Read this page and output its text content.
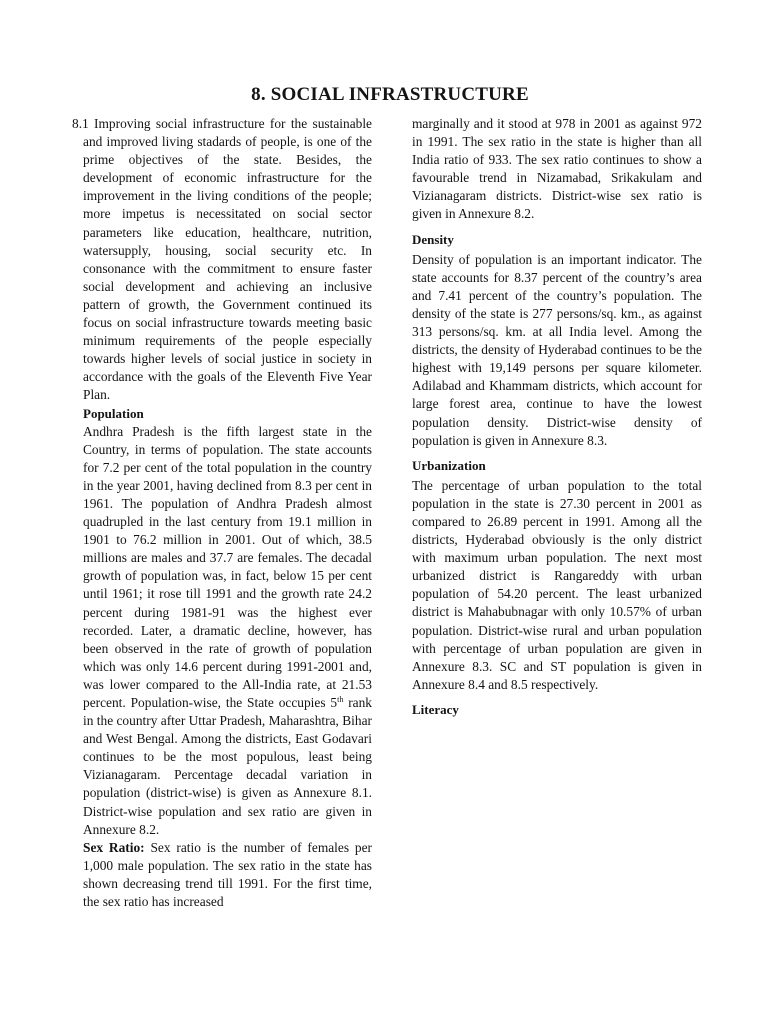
8. SOCIAL INFRASTRUCTURE

8.1 Improving social infrastructure for the sustainable and improved living stadards of people, is one of the prime objectives of the state. Besides, the development of economic infrastructure for the improvement in the living conditions of the people; more impetus is necessitated on social sector parameters like education, healthcare, nutrition, watersupply, housing, social security etc. In consonance with the commitment to ensure faster social development and achieving an inclusive pattern of growth, the Government continued its focus on social infrastructure towards meeting basic minimum requirements of the people especially towards higher levels of social justice in society in accordance with the goals of the Eleventh Five Year Plan.

Population

Andhra Pradesh is the fifth largest state in the Country, in terms of population. The state accounts for 7.2 per cent of the total population in the country in the year 2001, having declined from 8.3 per cent in 1961. The population of Andhra Pradesh almost quadrupled in the last century from 19.1 million in 1901 to 76.2 million in 2001. Out of which, 38.5 millions are males and 37.7 are females. The decadal growth of population was, in fact, below 15 per cent until 1961; it rose till 1991 and the growth rate 24.2 percent during 1981-91 was the highest ever recorded. Later, a dramatic decline, however, has been observed in the rate of growth of population which was only 14.6 percent during 1991-2001 and, was lower compared to the All-India rate, at 21.53 percent. Population-wise, the State occupies 5th rank in the country after Uttar Pradesh, Maharashtra, Bihar and West Bengal. Among the districts, East Godavari continues to be the most populous, least being Vizianagaram. Percentage decadal variation in population (district-wise) is given as Annexure 8.1. District-wise population and sex ratio are given in Annexure 8.2.

Sex Ratio: Sex ratio is the number of females per 1,000 male population. The sex ratio in the state has shown decreasing trend till 1991. For the first time, the sex ratio has increased

marginally and it stood at 978 in 2001 as against 972 in 1991. The sex ratio in the state is higher than all India ratio of 933. The sex ratio continues to show a favourable trend in Nizamabad, Srikakulam and Vizianagaram districts. District-wise sex ratio is given in Annexure 8.2.

Density

Density of population is an important indicator. The state accounts for 8.37 percent of the country’s area and 7.41 percent of the country’s population. The density of the state is 277 persons/sq. km., as against 313 persons/sq. km. at all India level. Among the districts, the density of Hyderabad continues to be the highest with 19,149 persons per square kilometer. Adilabad and Khammam districts, which account for large forest area, continue to have the lowest population density. District-wise density of population is given in Annexure 8.3.

Urbanization

The percentage of urban population to the total population in the state is 27.30 percent in 2001 as compared to 26.89 percent in 1991. Among all the districts, Hyderabad obviously is the only district with maximum urban population. The next most urbanized district is Rangareddy with urban population of 54.20 percent. The least urbanized district is Mahabubnagar with only 10.57% of urban population. District-wise rural and urban population with percentage of urban population are given in Annexure 8.3. SC and ST population is given in Annexure 8.4 and 8.5 respectively.

Literacy
